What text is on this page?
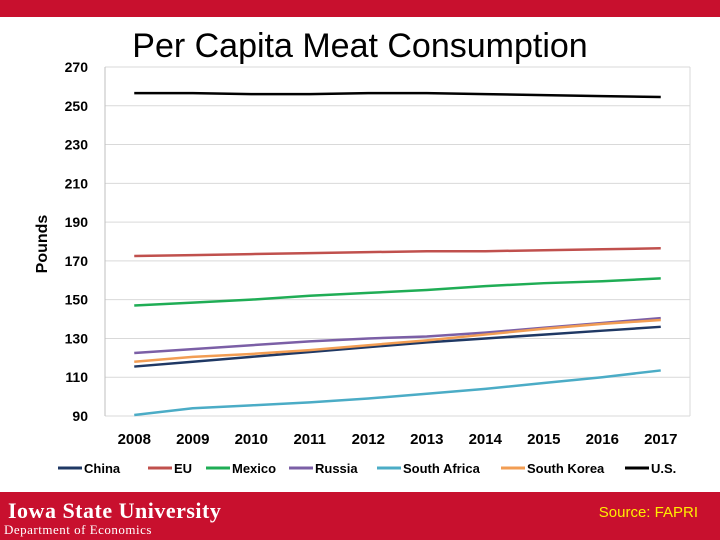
Per Capita Meat Consumption
90
110
130
150
170
190
210
230
250
270
2008 2009 2010 2011 2012 2013 2014 2015 2016 2017
China	EU	Mexico	Russia	South Africa	South Korea	U.S.
Pounds
Iowa State University
Department of Economics
Source: FAPRI
